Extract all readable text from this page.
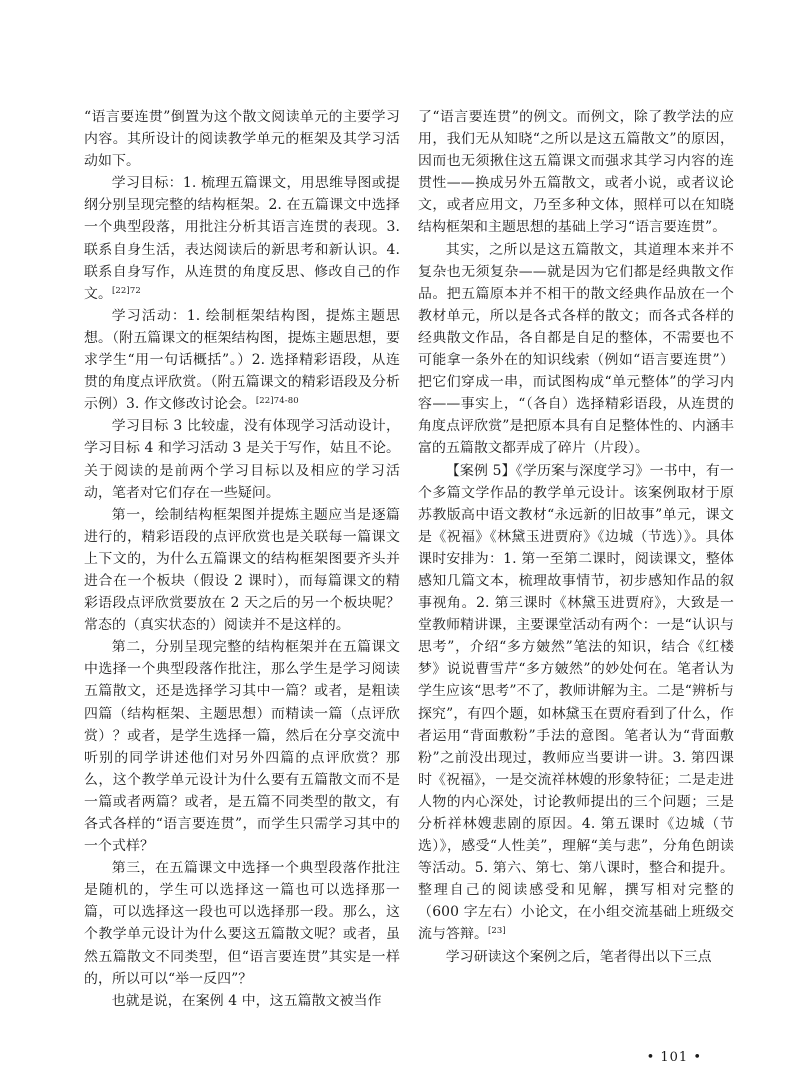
“语言要连贯”倒置为这个散文阅读单元的主要学习内容。其所设计的阅读教学单元的框架及其学习活动如下。

学习目标：1. 梳理五篇课文，用思维导图或提纲分别呈现完整的结构框架。2. 在五篇课文中选择一个典型段落，用批注分析其语言连贯的表现。3. 联系自身生活，表达阅读后的新思考和新认识。4. 联系自身写作，从连贯的角度反思、修改自己的作文。$^{[22]72}$

学习活动：1. 绘制框架结构图，提炼主题思想。（附五篇课文的框架结构图，提炼主题思想，要求学生“用一句话概括”。）2. 选择精彩语段，从连贯的角度点评欣赏。（附五篇课文的精彩语段及分析示例）3. 作文修改讨论会。$^{[22]74-80}$

学习目标 3 比较虚，没有体现学习活动设计，学习目标 4 和学习活动 3 是关于写作，姑且不论。关于阅读的是前两个学习目标以及相应的学习活动，笔者对它们存在一些疑问。

第一，绘制结构框架图并提炼主题应当是逐篇进行的，精彩语段的点评欣赏也是关联每一篇课文上下文的，为什么五篇课文的结构框架图要齐头并进合在一个板块（假设 2 课时），而每篇课文的精彩语段点评欣赏要放在 2 天之后的另一个板块呢？常态的（真实状态的）阅读并不是这样的。

第二，分别呈现完整的结构框架并在五篇课文中选择一个典型段落作批注，那么学生是学习阅读五篇散文，还是选择学习其中一篇？或者，是粗读四篇（结构框架、主题思想）而精读一篇（点评欣赏）？或者，是学生选择一篇，然后在分享交流中听别的同学讲述他们对另外四篇的点评欣赏？那么，这个教学单元设计为什么要有五篇散文而不是一篇或者两篇？或者，是五篇不同类型的散文，有各式各样的“语言要连贯”，而学生只需学习其中的一个式样？

第三，在五篇课文中选择一个典型段落作批注是随机的，学生可以选择这一篇也可以选择那一篇，可以选择这一段也可以选择那一段。那么，这个教学单元设计为什么要这五篇散文呢？或者，虽然五篇散文不同类型，但“语言要连贯”其实是一样的，所以可以“举一反四”？

也就是说，在案例 4 中，这五篇散文被当作

了“语言要连贯”的例文。而例文，除了教学法的应用，我们无从知晓“之所以是这五篇散文”的原因，因而也无须揪住这五篇课文而强求其学习内容的连贯性——换成另外五篇散文，或者小说，或者议论文，或者应用文，乃至多种文体，照样可以在知晓结构框架和主题思想的基础上学习“语言要连贯”。

其实，之所以是这五篇散文，其道理本来并不复杂也无须复杂——就是因为它们都是经典散文作品。把五篇原本并不相干的散文经典作品放在一个教材单元，所以是各式各样的散文；而各式各样的经典散文作品，各自都是自足的整体，不需要也不可能拿一条外在的知识线索（例如“语言要连贯”）把它们穿成一串，而试图构成“单元整体”的学习内容——事实上，“（各自）选择精彩语段，从连贯的角度点评欣赏”是把原本具有自足整体性的、内涵丰富的五篇散文都弄成了碎片（片段）。

【案例 5】《学历案与深度学习》一书中，有一个多篇文学作品的教学单元设计。该案例取材于原苏教版高中语文教材“永远新的旧故事”单元，课文是《祝福》《林黛玉进贾府》《边城（节选）》。具体课时安排为：1. 第一至第二课时，阅读课文，整体感知几篇文本，梳理故事情节，初步感知作品的叙事视角。2. 第三课时《林黛玉进贾府》，大致是一堂教师精讲课，主要课堂活动有两个：一是“认识与思考”，介绍“多方皴然”笔法的知识，结合《红楼梦》说说曹雪芹“多方皴然”的妙处何在。笔者认为学生应该“思考”不了，教师讲解为主。二是“辨析与探究”，有四个题，如林黛玉在贾府看到了什么，作者运用“背面敷粉”手法的意图。笔者认为“背面敷粉”之前没出现过，教师应当要讲一讲。3. 第四课时《祝福》，一是交流祥林嫂的形象特征；二是走进人物的内心深处，讨论教师提出的三个问题；三是分析祥林嫂悲剧的原因。4. 第五课时《边城（节选）》，感受“人性美”，理解“美与悲”，分角色朗读等活动。5. 第六、第七、第八课时，整合和提升。整理自己的阅读感受和见解，撰写相对完整的（600 字左右）小论文，在小组交流基础上班级交流与答辩。[23]

学习研读这个案例之后，笔者得出以下三点

• 101 •
